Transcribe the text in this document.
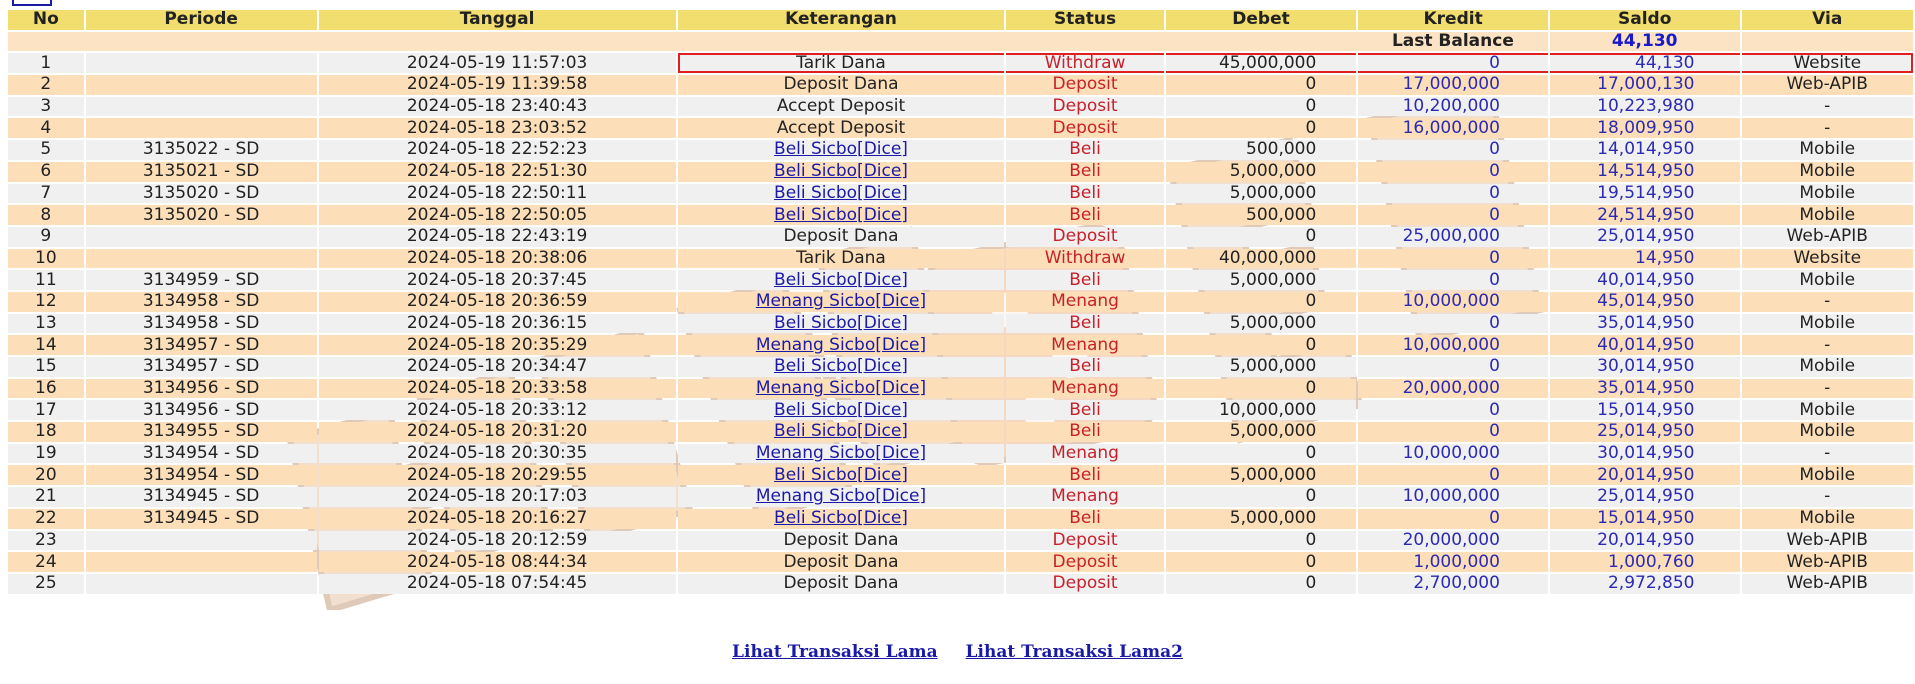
No	Periode	Tanggal	Keterangan	Status	Debet	Kredit	Saldo	Via
Last Balance							44,130	
1		2024-05-19 11:57:03	Tarik Dana	Withdraw	45,000,000	0	44,130	Website
2		2024-05-19 11:39:58	Deposit Dana	Deposit	0	17,000,000	17,000,130	Web-APIB
3		2024-05-18 23:40:43	Accept Deposit	Deposit	0	10,200,000	10,223,980	-
4		2024-05-18 23:03:52	Accept Deposit	Deposit	0	16,000,000	18,009,950	-
5	3135022 - SD	2024-05-18 22:52:23	Beli Sicbo[Dice]	Beli	500,000	0	14,014,950	Mobile
6	3135021 - SD	2024-05-18 22:51:30	Beli Sicbo[Dice]	Beli	5,000,000	0	14,514,950	Mobile
7	3135020 - SD	2024-05-18 22:50:11	Beli Sicbo[Dice]	Beli	5,000,000	0	19,514,950	Mobile
8	3135020 - SD	2024-05-18 22:50:05	Beli Sicbo[Dice]	Beli	500,000	0	24,514,950	Mobile
9		2024-05-18 22:43:19	Deposit Dana	Deposit	0	25,000,000	25,014,950	Web-APIB
10		2024-05-18 20:38:06	Tarik Dana	Withdraw	40,000,000	0	14,950	Website
11	3134959 - SD	2024-05-18 20:37:45	Beli Sicbo[Dice]	Beli	5,000,000	0	40,014,950	Mobile
12	3134958 - SD	2024-05-18 20:36:59	Menang Sicbo[Dice]	Menang	0	10,000,000	45,014,950	-
13	3134958 - SD	2024-05-18 20:36:15	Beli Sicbo[Dice]	Beli	5,000,000	0	35,014,950	Mobile
14	3134957 - SD	2024-05-18 20:35:29	Menang Sicbo[Dice]	Menang	0	10,000,000	40,014,950	-
15	3134957 - SD	2024-05-18 20:34:47	Beli Sicbo[Dice]	Beli	5,000,000	0	30,014,950	Mobile
16	3134956 - SD	2024-05-18 20:33:58	Menang Sicbo[Dice]	Menang	0	20,000,000	35,014,950	-
17	3134956 - SD	2024-05-18 20:33:12	Beli Sicbo[Dice]	Beli	10,000,000	0	15,014,950	Mobile
18	3134955 - SD	2024-05-18 20:31:20	Beli Sicbo[Dice]	Beli	5,000,000	0	25,014,950	Mobile
19	3134954 - SD	2024-05-18 20:30:35	Menang Sicbo[Dice]	Menang	0	10,000,000	30,014,950	-
20	3134954 - SD	2024-05-18 20:29:55	Beli Sicbo[Dice]	Beli	5,000,000	0	20,014,950	Mobile
21	3134945 - SD	2024-05-18 20:17:03	Menang Sicbo[Dice]	Menang	0	10,000,000	25,014,950	-
22	3134945 - SD	2024-05-18 20:16:27	Beli Sicbo[Dice]	Beli	5,000,000	0	15,014,950	Mobile
23		2024-05-18 20:12:59	Deposit Dana	Deposit	0	20,000,000	20,014,950	Web-APIB
24		2024-05-18 08:44:34	Deposit Dana	Deposit	0	1,000,000	1,000,760	Web-APIB
25		2024-05-18 07:54:45	Deposit Dana	Deposit	0	2,700,000	2,972,850	Web-APIB
Lihat Transaksi Lama Lihat Transaksi Lama2
